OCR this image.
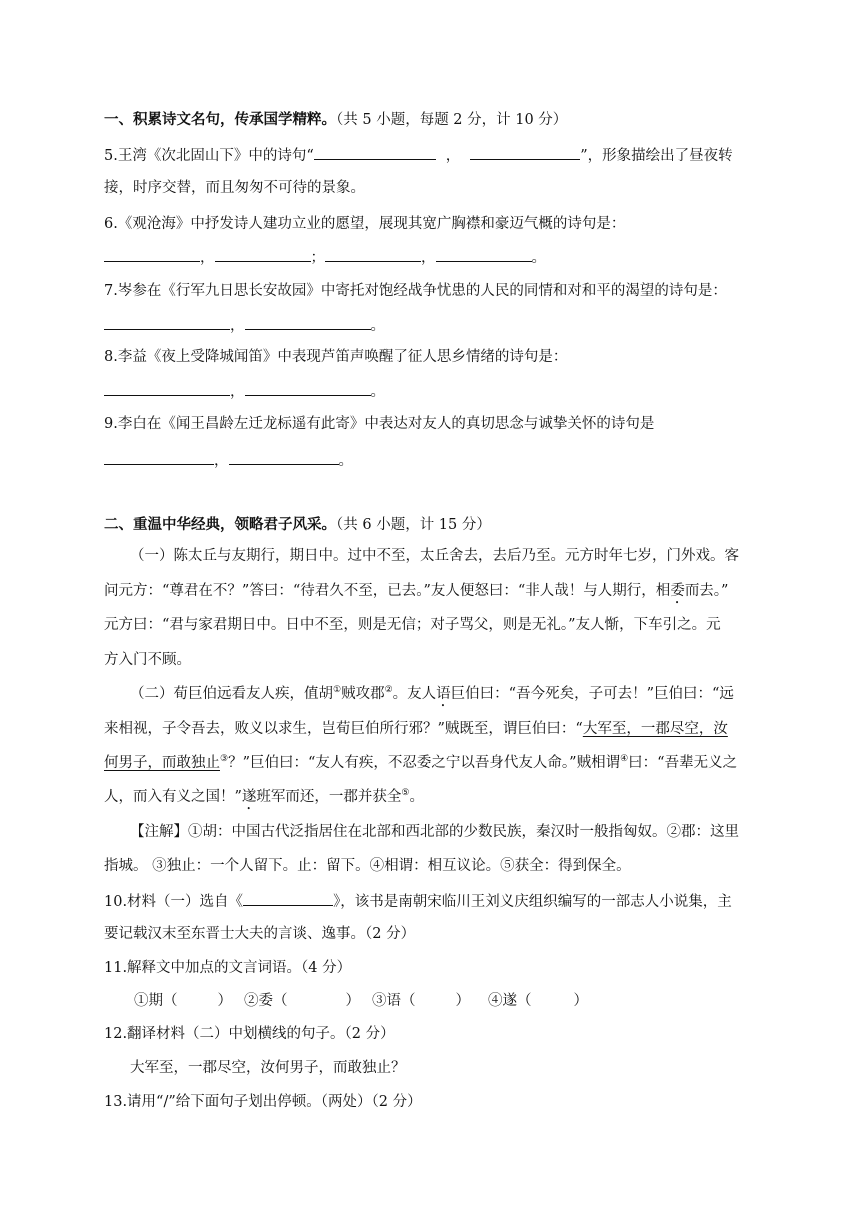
一、积累诗文名句，传承国学精粹。（共 5 小题，每题 2 分，计 10 分）
5.王湾《次北固山下》中的诗句“	，	”，形象描绘出了昼夜转
接，时序交替，而且匆匆不可待的景象。
6.《观沧海》中抒发诗人建功立业的愿望，展现其宽广胸襟和豪迈气概的诗句是：
，	；	，	。
7.岑参在《行军九日思长安故园》中寄托对饱经战争忧患的人民的同情和对和平的渴望的诗句是：
，	。
8.李益《夜上受降城闻笛》中表现芦笛声唤醒了征人思乡情绪的诗句是：
，	。
9.李白在《闻王昌龄左迁龙标遥有此寄》中表达对友人的真切思念与诚挚关怀的诗句是
，	。
二、重温中华经典，领略君子风采。（共 6 小题，计 15 分）
（一）陈太丘与友期行，期日中。过中不至，太丘舍去，去后乃至。元方时年七岁，门外戏。客
问元方：“尊君在不？”答曰：“待君久不至，已去。”友人便怒曰：“非人哉！与人期行，相委而去。”
元方曰：“君与家君期日中。日中不至，则是无信；对子骂父，则是无礼。”友人惭，下车引之。元
方入门不顾。
（二）荀巨伯远看友人疾，值胡①贼攻郡②。友人语巨伯曰：“吾今死矣，子可去！”巨伯曰：“远
来相视，子令吾去，败义以求生，岂荀巨伯所行邪？”贼既至，谓巨伯曰：“大军至，一郡尽空，汝
何男子，而敢独止③？”巨伯曰：“友人有疾，不忍委之宁以吾身代友人命。”贼相谓④曰：“吾辈无义之
人，而入有义之国！”遂班军而还，一郡并获全⑤。
【注解】①胡：中国古代泛指居住在北部和西北部的少数民族，秦汉时一般指匈奴。②郡：这里
指城。 ③独止：一个人留下。止：留下。④相谓：相互议论。⑤获全：得到保全。
10.材料（一）选自《	》，该书是南朝宋临川王刘义庆组织编写的一部志人小说集，主
要记载汉末至东晋士大夫的言谈、逸事。（2 分）
11.解释文中加点的文言词语。（4 分）
①期（	） ②委（	） ③语（	） ④遂（	）
12.翻译材料（二）中划横线的句子。（2 分）
大军至，一郡尽空，汝何男子，而敢独止？
13.请用“/”给下面句子划出停顿。（两处）（2 分）
